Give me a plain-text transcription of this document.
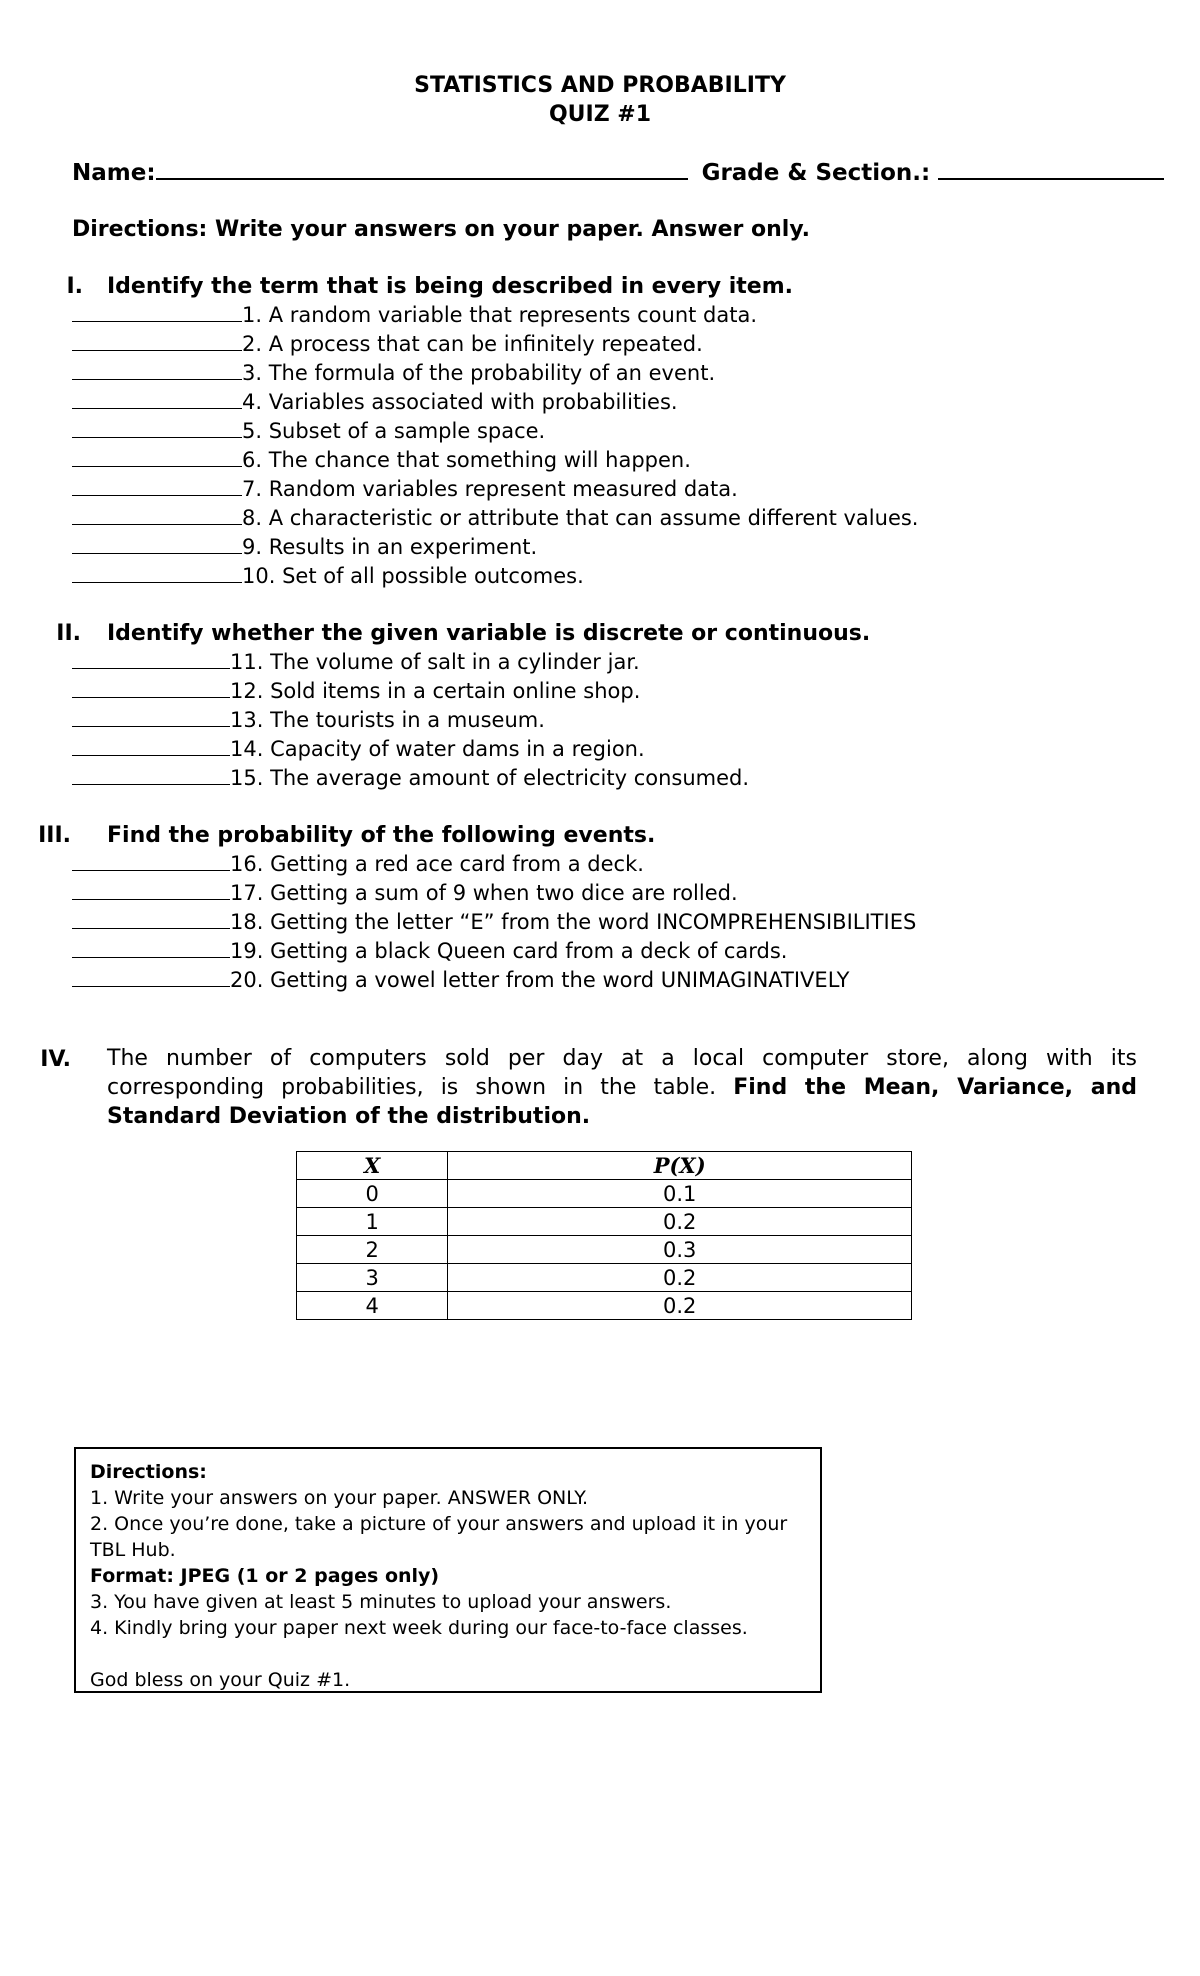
STATISTICS AND PROBABILITY
QUIZ #1
Name:	Grade & Section.:
Directions: Write your answers on your paper. Answer only.
I. Identify the term that is being described in every item.
1. A random variable that represents count data.
2. A process that can be infinitely repeated.
3. The formula of the probability of an event.
4. Variables associated with probabilities.
5. Subset of a sample space.
6. The chance that something will happen.
7. Random variables represent measured data.
8. A characteristic or attribute that can assume different values.
9. Results in an experiment.
10. Set of all possible outcomes.
II. Identify whether the given variable is discrete or continuous.
11. The volume of salt in a cylinder jar.
12. Sold items in a certain online shop.
13. The tourists in a museum.
14. Capacity of water dams in a region.
15. The average amount of electricity consumed.
III. Find the probability of the following events.
16. Getting a red ace card from a deck.
17. Getting a sum of 9 when two dice are rolled.
18. Getting the letter “E” from the word INCOMPREHENSIBILITIES
19. Getting a black Queen card from a deck of cards.
20. Getting a vowel letter from the word UNIMAGINATIVELY
IV. The number of computers sold per day at a local computer store, along with its corresponding probabilities, is shown in the table. Find the Mean, Variance, and Standard Deviation of the distribution.
X	P(X)
0	0.1
1	0.2
2	0.3
3	0.2
4	0.2
Directions:
1. Write your answers on your paper. ANSWER ONLY.
2. Once you’re done, take a picture of your answers and upload it in your
TBL Hub.
Format: JPEG (1 or 2 pages only)
3. You have given at least 5 minutes to upload your answers.
4. Kindly bring your paper next week during our face-to-face classes.
God bless on your Quiz #1.
